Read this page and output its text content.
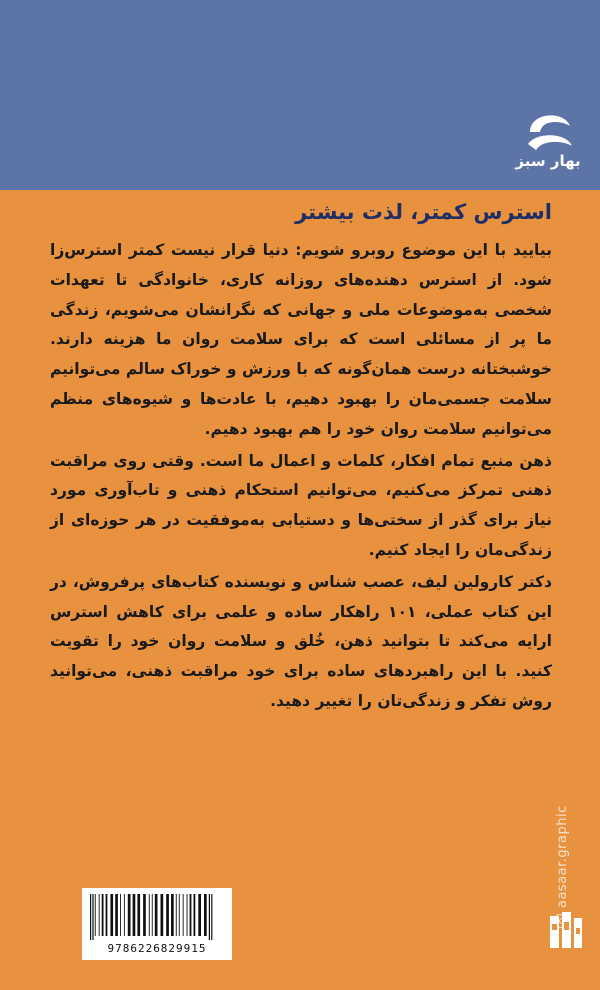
بهار سبز
استرس کمتر، لذت بیشتر

بیایید با این موضوع روبرو شویم: دنیا قرار نیست کمتر استرس‌زا شود. از استرس دهنده‌های روزانه کاری، خانوادگی تا تعهدات شخصی به‌موضوعات ملی و جهانی که نگرانشان می‌شویم، زندگی ما پر از مسائلی است که برای سلامت روان ما هزینه دارند. خوشبختانه درست همان‌گونه که با ورزش و خوراک سالم می‌توانیم سلامت جسمی‌مان را بهبود دهیم، با عادت‌ها و شیوه‌های منظم می‌توانیم سلامت روان خود را هم بهبود دهیم.

ذهن منبع تمام افکار، کلمات و اعمال ما است. وقتی روی مراقبت ذهنی تمرکز می‌کنیم، می‌توانیم استحکام ذهنی و تاب‌آوری مورد نیاز برای گذر از سختی‌ها و دستیابی به‌موفقیت در هر حوزه‌ای از زندگی‌مان را ایجاد کنیم.

دکتر کارولین لیف، عصب شناس و نویسنده کتاب‌های پرفروش، در این کتاب عملی، ۱۰۱ راهکار ساده و علمی برای کاهش استرس ارایه می‌کند تا بتوانید ذهن، خُلق و سلامت روان خود را تقویت کنید. با این راهبردهای ساده برای خود مراقبت ذهنی، می‌توانید روش تفکر و زندگی‌تان را تغییر دهید.

aasaar.graphic
9786226829915
